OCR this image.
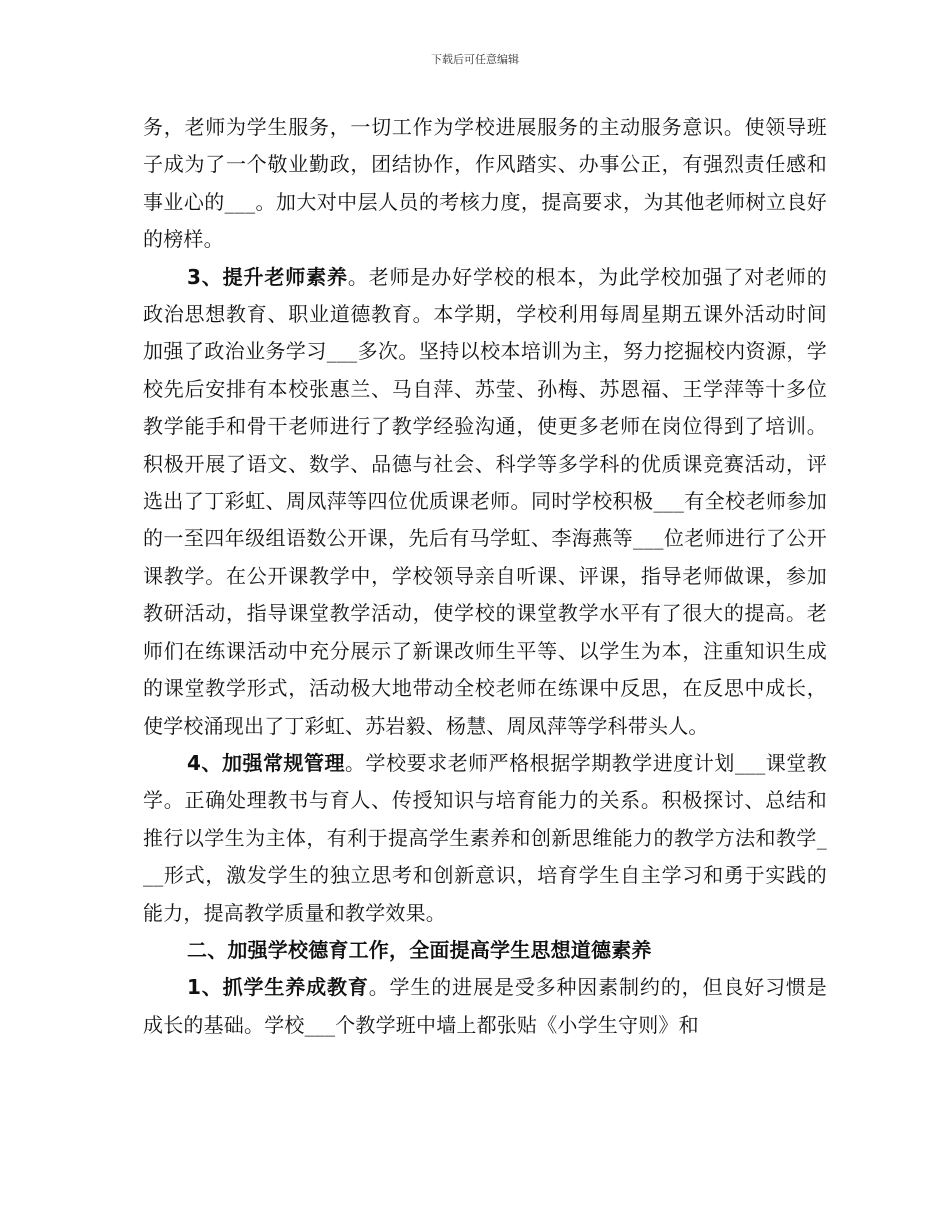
下载后可任意编辑

务，老师为学生服务，一切工作为学校进展服务的主动服务意识。使领导班子成为了一个敬业勤政，团结协作，作风踏实、办事公正，有强烈责任感和事业心的___。加大对中层人员的考核力度，提高要求，为其他老师树立良好的榜样。

3、提升老师素养。老师是办好学校的根本，为此学校加强了对老师的政治思想教育、职业道德教育。本学期，学校利用每周星期五课外活动时间加强了政治业务学习___多次。坚持以校本培训为主，努力挖掘校内资源，学校先后安排有本校张惠兰、马自萍、苏莹、孙梅、苏恩福、王学萍等十多位教学能手和骨干老师进行了教学经验沟通，使更多老师在岗位得到了培训。积极开展了语文、数学、品德与社会、科学等多学科的优质课竞赛活动，评选出了丁彩虹、周凤萍等四位优质课老师。同时学校积极___有全校老师参加的一至四年级组语数公开课，先后有马学虹、李海燕等___位老师进行了公开课教学。在公开课教学中，学校领导亲自听课、评课，指导老师做课，参加教研活动，指导课堂教学活动，使学校的课堂教学水平有了很大的提高。老师们在练课活动中充分展示了新课改师生平等、以学生为本，注重知识生成的课堂教学形式，活动极大地带动全校老师在练课中反思，在反思中成长，使学校涌现出了丁彩虹、苏岩毅、杨慧、周凤萍等学科带头人。

4、加强常规管理。学校要求老师严格根据学期教学进度计划___课堂教学。正确处理教书与育人、传授知识与培育能力的关系。积极探讨、总结和推行以学生为主体，有利于提高学生素养和创新思维能力的教学方法和教学___形式，激发学生的独立思考和创新意识，培育学生自主学习和勇于实践的能力，提高教学质量和教学效果。

二、加强学校德育工作，全面提高学生思想道德素养

1、抓学生养成教育。学生的进展是受多种因素制约的，但良好习惯是成长的基础。学校___个教学班中墙上都张贴《小学生守则》和
